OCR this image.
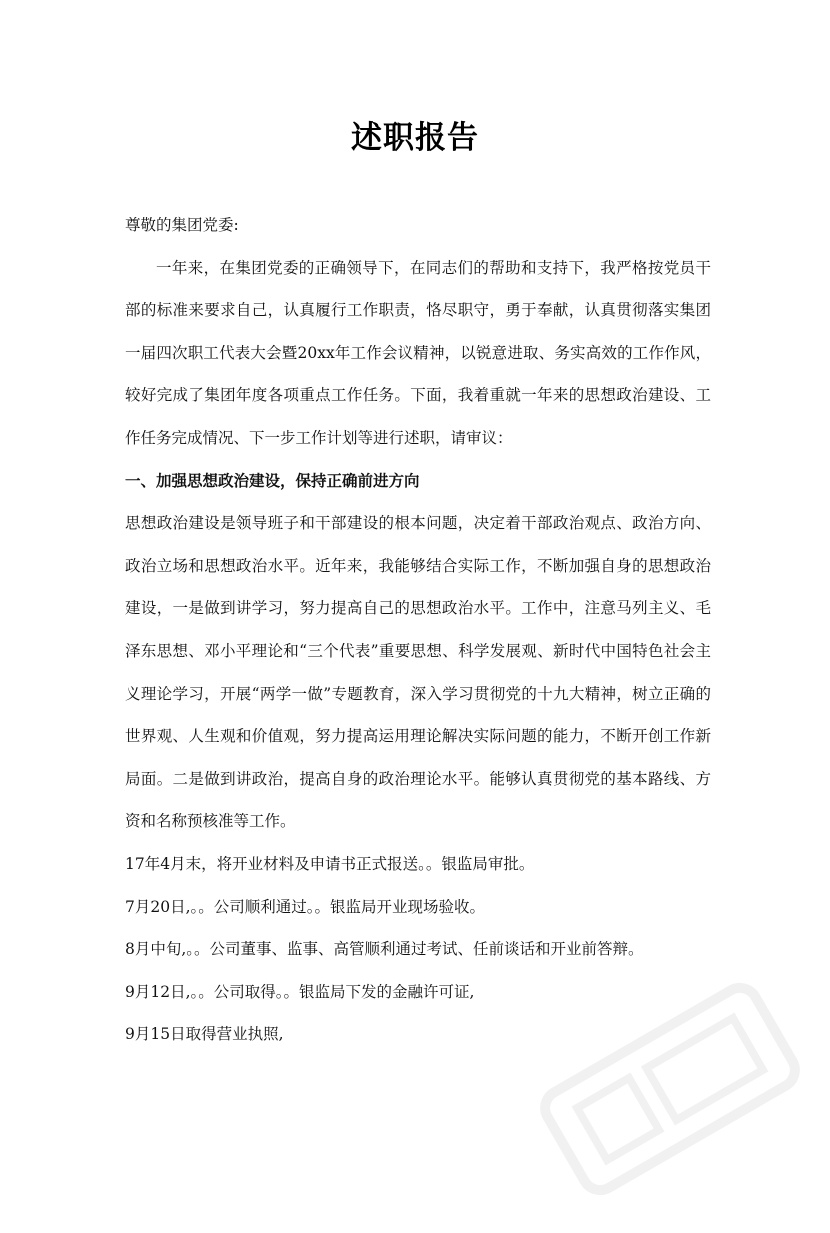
述职报告

尊敬的集团党委:

一年来，在集团党委的正确领导下，在同志们的帮助和支持下，我严格按党员干部的标准来要求自己，认真履行工作职责，恪尽职守，勇于奉献，认真贯彻落实集团一届四次职工代表大会暨20xx年工作会议精神，以锐意进取、务实高效的工作作风，较好完成了集团年度各项重点工作任务。下面，我着重就一年来的思想政治建设、工作任务完成情况、下一步工作计划等进行述职，请审议：

一、加强思想政治建设，保持正确前进方向

思想政治建设是领导班子和干部建设的根本问题，决定着干部政治观点、政治方向、政治立场和思想政治水平。近年来，我能够结合实际工作，不断加强自身的思想政治建设，一是做到讲学习，努力提高自己的思想政治水平。工作中，注意马列主义、毛泽东思想、邓小平理论和“三个代表”重要思想、科学发展观、新时代中国特色社会主义理论学习，开展“两学一做”专题教育，深入学习贯彻党的十九大精神，树立正确的世界观、人生观和价值观，努力提高运用理论解决实际问题的能力，不断开创工作新局面。二是做到讲政治，提高自身的政治理论水平。能够认真贯彻党的基本路线、方资和名称预核准等工作。

17年4月末，将开业材料及申请书正式报送。。银监局审批。

7月20日,。。公司顺利通过。。银监局开业现场验收。

8月中旬,。。公司董事、监事、高管顺利通过考试、任前谈话和开业前答辩。

9月12日,。。公司取得。。银监局下发的金融许可证,

9月15日取得营业执照,
